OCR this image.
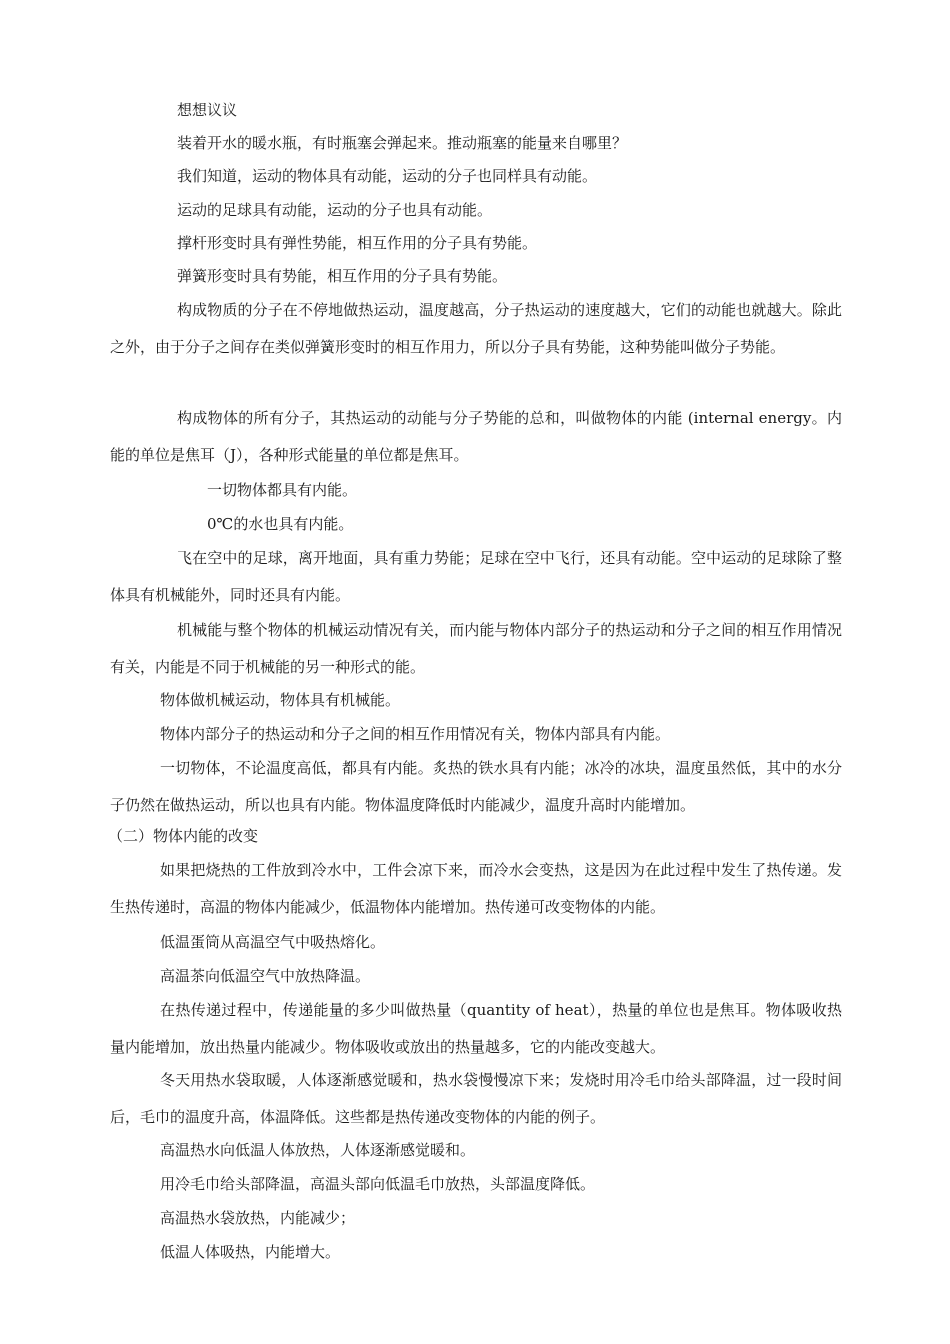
想想议议

装着开水的暖水瓶，有时瓶塞会弹起来。推动瓶塞的能量来自哪里？

我们知道，运动的物体具有动能，运动的分子也同样具有动能。

运动的足球具有动能，运动的分子也具有动能。

撑杆形变时具有弹性势能，相互作用的分子具有势能。

弹簧形变时具有势能，相互作用的分子具有势能。

构成物质的分子在不停地做热运动，温度越高，分子热运动的速度越大，它们的动能也就越大。除此之外，由于分子之间存在类似弹簧形变时的相互作用力，所以分子具有势能，这种势能叫做分子势能。

构成物体的所有分子，其热运动的动能与分子势能的总和，叫做物体的内能 (internal energy。内能的单位是焦耳（J），各种形式能量的单位都是焦耳。

一切物体都具有内能。

0℃的水也具有内能。

飞在空中的足球，离开地面，具有重力势能；足球在空中飞行，还具有动能。空中运动的足球除了整体具有机械能外，同时还具有内能。

机械能与整个物体的机械运动情况有关，而内能与物体内部分子的热运动和分子之间的相互作用情况有关，内能是不同于机械能的另一种形式的能。

物体做机械运动，物体具有机械能。

物体内部分子的热运动和分子之间的相互作用情况有关，物体内部具有内能。

一切物体，不论温度高低，都具有内能。炙热的铁水具有内能；冰冷的冰块，温度虽然低，其中的水分子仍然在做热运动，所以也具有内能。物体温度降低时内能减少，温度升高时内能增加。

（二）物体内能的改变

如果把烧热的工件放到冷水中，工件会凉下来，而冷水会变热，这是因为在此过程中发生了热传递。发生热传递时，高温的物体内能减少，低温物体内能增加。热传递可改变物体的内能。

低温蛋筒从高温空气中吸热熔化。

高温茶向低温空气中放热降温。

在热传递过程中，传递能量的多少叫做热量（quantity of heat），热量的单位也是焦耳。物体吸收热量内能增加，放出热量内能减少。物体吸收或放出的热量越多，它的内能改变越大。

冬天用热水袋取暖，人体逐渐感觉暖和，热水袋慢慢凉下来；发烧时用冷毛巾给头部降温，过一段时间后，毛巾的温度升高，体温降低。这些都是热传递改变物体的内能的例子。

高温热水向低温人体放热，人体逐渐感觉暖和。

用冷毛巾给头部降温，高温头部向低温毛巾放热，头部温度降低。

高温热水袋放热，内能减少；

低温人体吸热，内能增大。
